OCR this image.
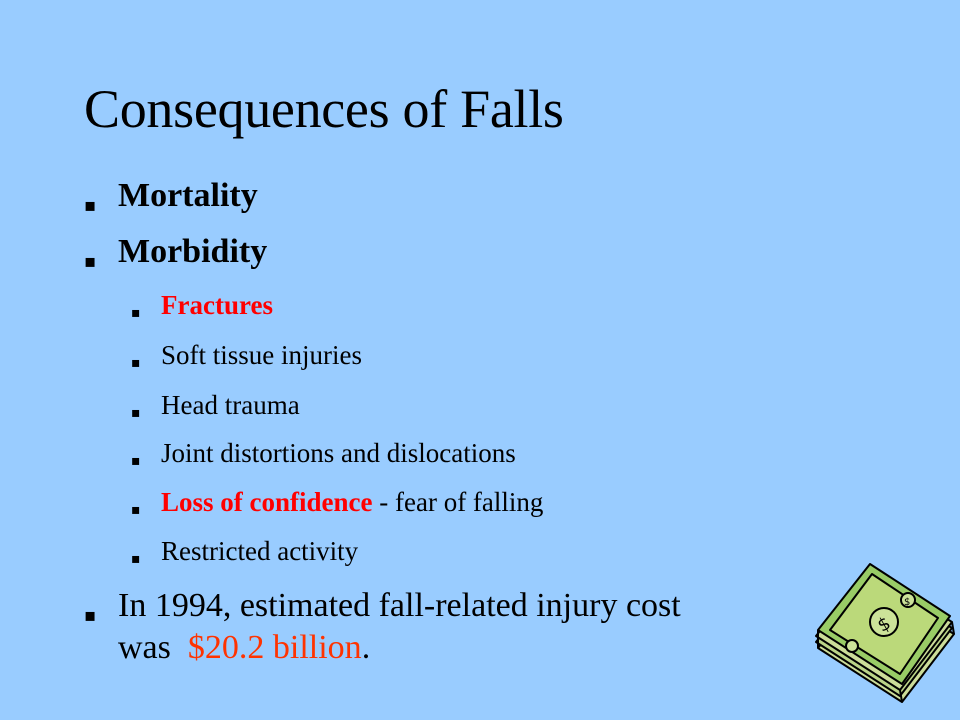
Consequences of Falls
▪ Mortality
▪ Morbidity
▪ Fractures
▪ Soft tissue injuries
▪ Head trauma
▪ Joint distortions and dislocations
▪ Loss of confidence - fear of falling
▪ Restricted activity
▪ In 1994, estimated fall-related injury cost
was  $20.2 billion.
$
$
